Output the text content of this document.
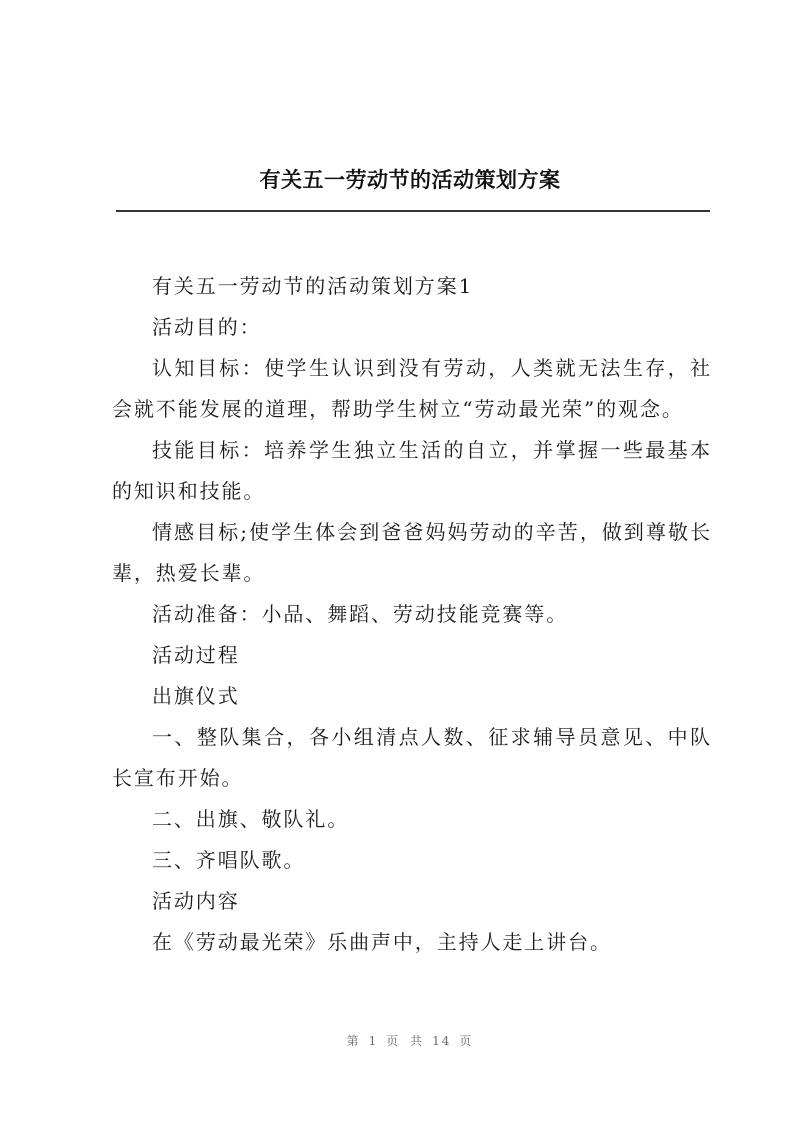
有关五一劳动节的活动策划方案

有关五一劳动节的活动策划方案1

活动目的：

认知目标：使学生认识到没有劳动，人类就无法生存，社会就不能发展的道理，帮助学生树立“劳动最光荣”的观念。

技能目标：培养学生独立生活的自立，并掌握一些最基本的知识和技能。

情感目标;使学生体会到爸爸妈妈劳动的辛苦，做到尊敬长辈，热爱长辈。

活动准备：小品、舞蹈、劳动技能竞赛等。

活动过程

出旗仪式

一、整队集合，各小组清点人数、征求辅导员意见、中队长宣布开始。

二、出旗、敬队礼。

三、齐唱队歌。

活动内容

在《劳动最光荣》乐曲声中，主持人走上讲台。

第 1 页 共 14 页
